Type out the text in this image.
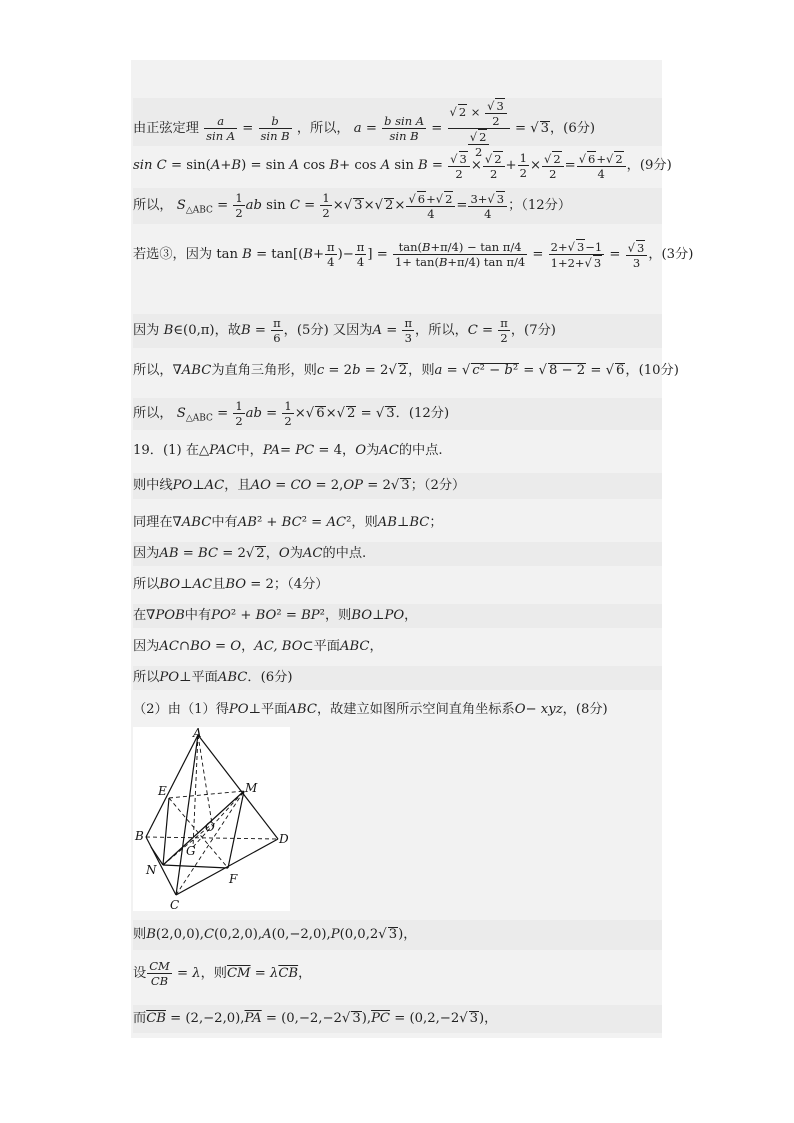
由正弦定理 $\frac{a}{\text{sin A}} = \frac{b}{\text{sin B}}$ ，所以， $a = \frac{\text{b sin A}}{\text{sin B}} = \frac{√ 2 \times \frac{√ 3}{2}}{\frac{√ 2}{2}}$ = √ 3，(6分)
sin C = sin(A+B) = sin A cos B+ cos A $\sin B = \frac{√ 3}{2} \times \frac{√ 2}{2} + \frac{1}{2} \times \frac{√ 2}{2} = \frac{√ 6+√ 2}{4}$ ，(9分)
所以， $S_{\triangle ABC} = \frac{1}{2}$ ab $\sin C = \frac{1}{2}$ ×√ 3×√ $2\times \frac{√ 6+√ 2}{4} = \frac{3+√ 3}{4}$ ；（12分）
若选③，因为 $\tan B = \tan[(B+ \frac{\pi}{4}$ )− $\frac{\pi}{4}$ ] = $\frac{\text{tan(B+π/4) − tan π/4}}{\text{1+ tan(B+π/4) tan π/4}} = \frac{2+√ 3-1}{1+2+√ 3} = \frac{√ 3}{3}$ ，(3分)
因为 B∈(0,π)，故$B = \frac{\pi}{6}$ ，(5分) 又因为$A = \frac{\pi}{3}$ ，所以，$C = \frac{\pi}{2}$ ，(7分)
所以，∇ABC为直角三角形，则c = 2b = 2√ 2，则a = √ c² − b² = √ 8 − 2 = √ 6，(10分)
所以， $S_{\triangle ABC} = \frac{1}{2}$ ab = $\frac{1}{2}$ ×√ 6×√ 2 = √ 3．(12分)
19．(1) 在△PAC中，PA= PC = 4，O为AC的中点.
则中线PO⊥AC，且AO = CO = 2,OP = 2√ 3；（2分）
同理在∇ABC中有AB² + BC² = AC²，则AB⊥BC；
因为AB = BC = 2√ 2，O为AC的中点.
所以BO⊥AC且BO = 2；（4分）
在∇POB中有PO² + BO² = BP²，则BO⊥PO，
因为AC∩BO = O，AC, BO⊂平面ABC，
所以PO⊥平面ABC．(6分)
（2）由（1）得PO⊥平面ABC，故建立如图所示空间直角坐标系O− xyz，(8分)
则B(2,0,0),C(0,2,0),A(0,−2,0),P(0,0,2√ 3)，
设 $\frac{CM}{CB} = \lambda$，则$\overline{CM} = \lambda\overline{CB}$，
而$\overline{CB} = (2,-2,0),\overline{PA} = (0,-2,-2√$ $3),\overline{PC} = (0,2,-2√$ 3)，
A
E	M
B
O
D
G
N
F
C
